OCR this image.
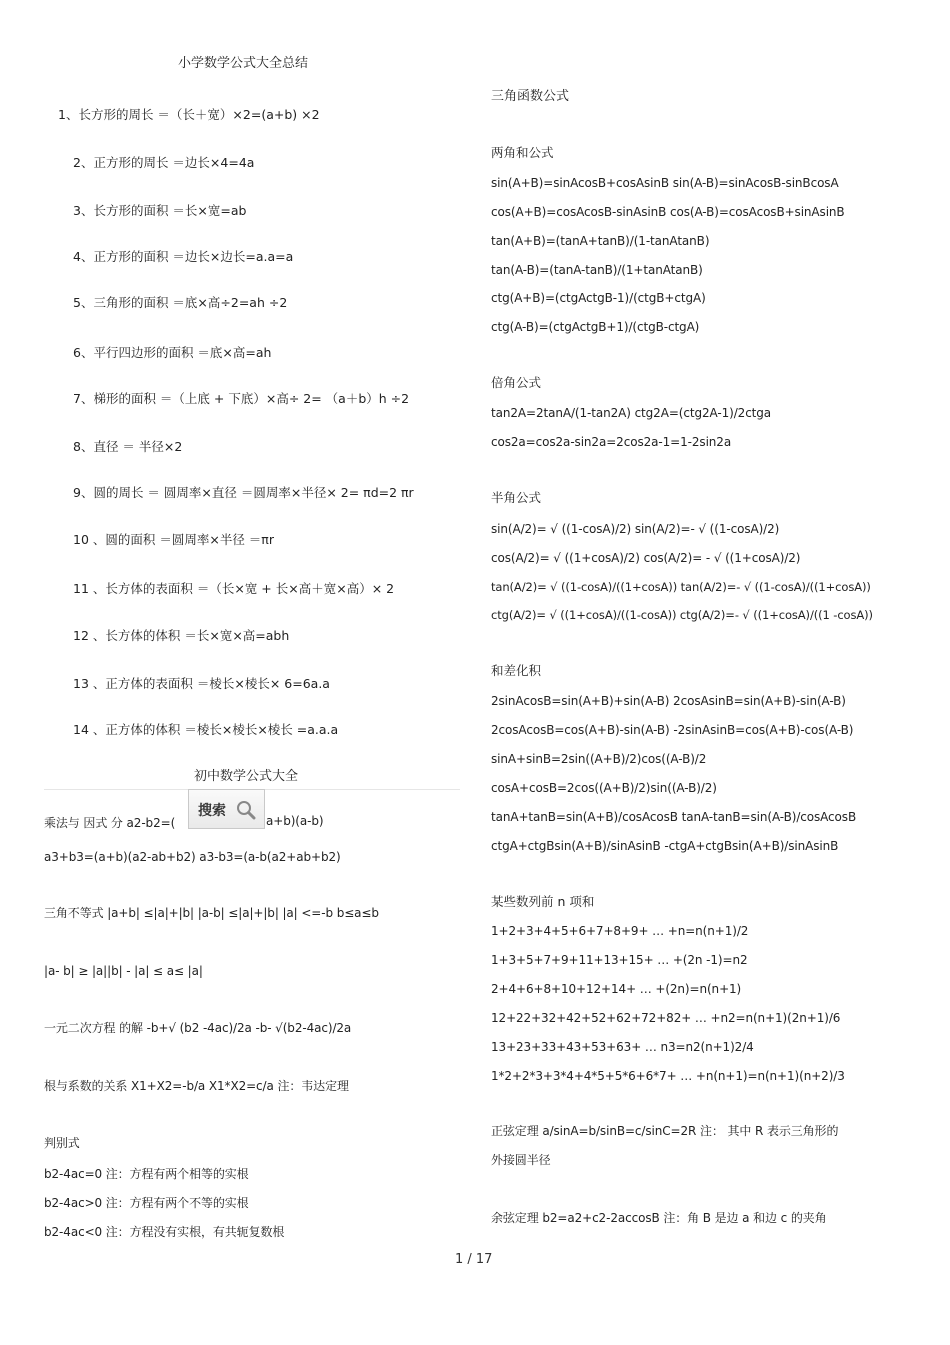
小学数学公式大全总结
1、长方形的周长 ＝（长＋宽）×2=(a+b) ×2
2、正方形的周长 ＝边长×4=4a
3、长方形的面积 ＝长×宽=ab
4、正方形的面积 ＝边长×边长=a.a=a
5、三角形的面积 ＝底×高÷2=ah ÷2
6、平行四边形的面积 ＝底×高=ah
7、梯形的面积 ＝（上底 + 下底）×高÷ 2= （a＋b）h ÷2
8、直径 ＝ 半径×2
9、圆的周长 ＝ 圆周率×直径 ＝圆周率×半径× 2= πd=2 πr
10 、圆的面积 ＝圆周率×半径 ＝πr
11 、长方体的表面积 ＝（长×宽 + 长×高＋宽×高）× 2
12 、长方体的体积 ＝长×宽×高=abh
13 、正方体的表面积 ＝棱长×棱长× 6=6a.a
14 、正方体的体积 ＝棱长×棱长×棱长 =a.a.a
初中数学公式大全
乘法与 因式 分 a2-b2=(
搜索
a+b)(a-b)
a3+b3=(a+b)(a2-ab+b2) a3-b3=(a-b(a2+ab+b2)
三角不等式 |a+b| ≤|a|+|b| |a-b| ≤|a|+|b| |a| <=-b b≤a≤b
|a- b| ≥ |a||b| - |a| ≤ a≤ |a|
一元二次方程 的解 -b+√ (b2 -4ac)/2a -b- √(b2-4ac)/2a
根与系数的关系 X1+X2=-b/a X1*X2=c/a 注：韦达定理
判别式
b2-4ac=0 注：方程有两个相等的实根
b2-4ac>0 注：方程有两个不等的实根
b2-4ac<0 注：方程没有实根，有共轭复数根
三角函数公式
两角和公式
sin(A+B)=sinAcosB+cosAsinB sin(A-B)=sinAcosB-sinBcosA
cos(A+B)=cosAcosB-sinAsinB cos(A-B)=cosAcosB+sinAsinB
tan(A+B)=(tanA+tanB)/(1-tanAtanB)
tan(A-B)=(tanA-tanB)/(1+tanAtanB)
ctg(A+B)=(ctgActgB-1)/(ctgB+ctgA)
ctg(A-B)=(ctgActgB+1)/(ctgB-ctgA)
倍角公式
tan2A=2tanA/(1-tan2A) ctg2A=(ctg2A-1)/2ctga
cos2a=cos2a-sin2a=2cos2a-1=1-2sin2a
半角公式
sin(A/2)= √ ((1-cosA)/2) sin(A/2)=- √ ((1-cosA)/2)
cos(A/2)= √ ((1+cosA)/2) cos(A/2)= - √ ((1+cosA)/2)
tan(A/2)= √ ((1-cosA)/((1+cosA)) tan(A/2)=- √ ((1-cosA)/((1+cosA))
ctg(A/2)= √ ((1+cosA)/((1-cosA)) ctg(A/2)=- √ ((1+cosA)/((1 -cosA))
和差化积
2sinAcosB=sin(A+B)+sin(A-B) 2cosAsinB=sin(A+B)-sin(A-B)
2cosAcosB=cos(A+B)-sin(A-B) -2sinAsinB=cos(A+B)-cos(A-B)
sinA+sinB=2sin((A+B)/2)cos((A-B)/2
cosA+cosB=2cos((A+B)/2)sin((A-B)/2)
tanA+tanB=sin(A+B)/cosAcosB tanA-tanB=sin(A-B)/cosAcosB
ctgA+ctgBsin(A+B)/sinAsinB -ctgA+ctgBsin(A+B)/sinAsinB
某些数列前 n 项和
1+2+3+4+5+6+7+8+9+ … +n=n(n+1)/2
1+3+5+7+9+11+13+15+ … +(2n -1)=n2
2+4+6+8+10+12+14+ … +(2n)=n(n+1)
12+22+32+42+52+62+72+82+ … +n2=n(n+1)(2n+1)/6
13+23+33+43+53+63+ … n3=n2(n+1)2/4
1*2+2*3+3*4+4*5+5*6+6*7+ … +n(n+1)=n(n+1)(n+2)/3
正弦定理 a/sinA=b/sinB=c/sinC=2R 注： 其中 R 表示三角形的
外接圆半径
余弦定理 b2=a2+c2-2accosB 注：角 B 是边 a 和边 c 的夹角
1 / 17
